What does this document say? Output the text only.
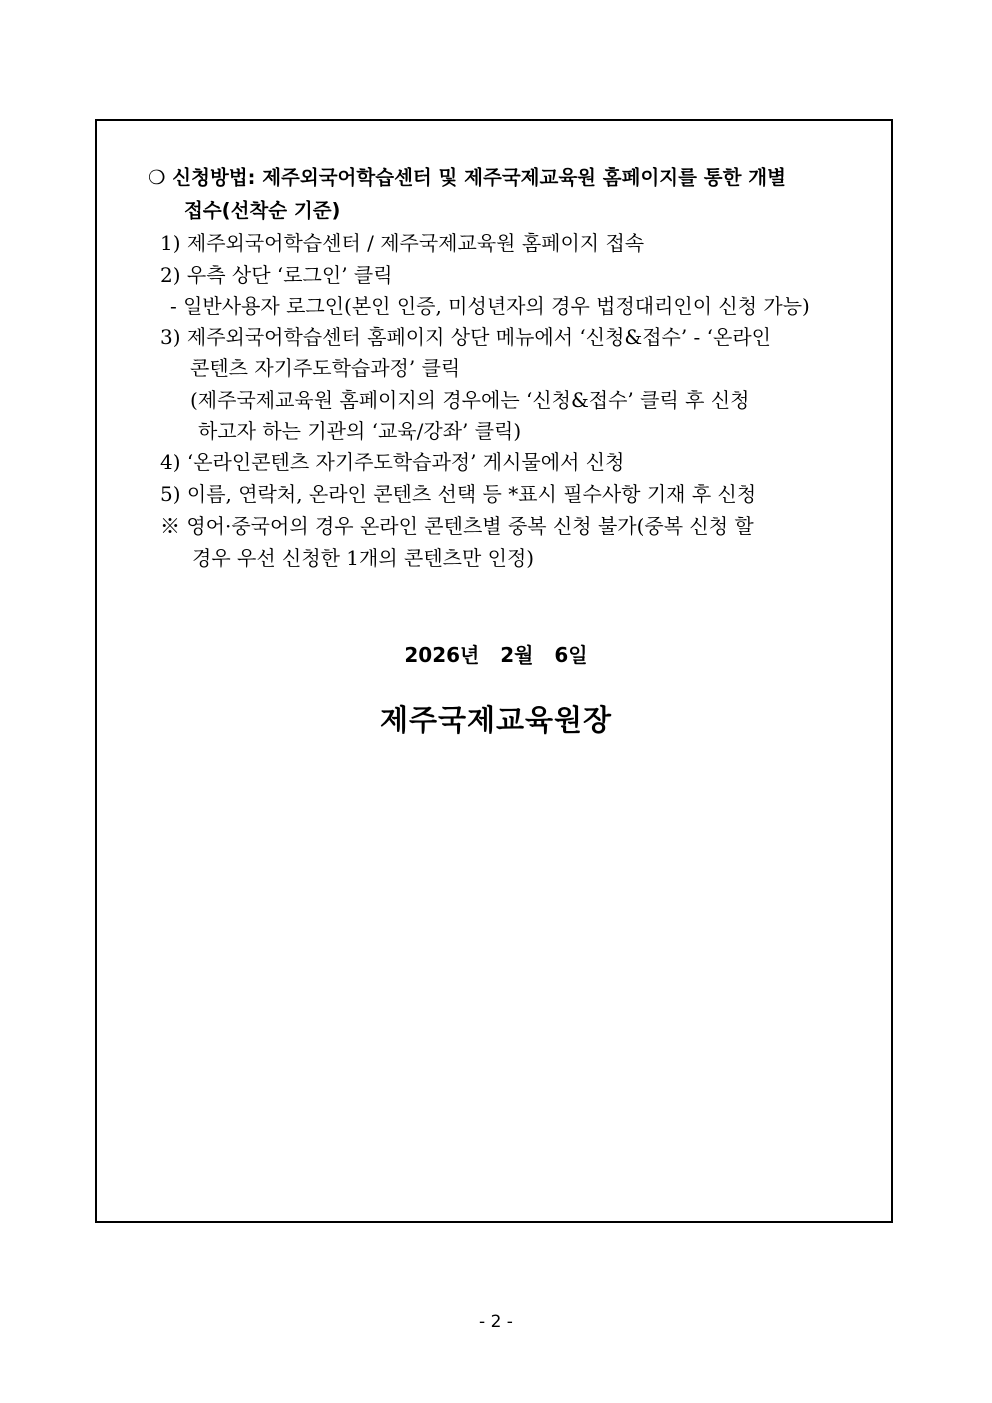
❍ 신청방법: 제주외국어학습센터 및 제주국제교육원 홈페이지를 통한 개별
접수(선착순 기준)
1) 제주외국어학습센터 / 제주국제교육원 홈페이지 접속
2) 우측 상단 ‘로그인’ 클릭
- 일반사용자 로그인(본인 인증, 미성년자의 경우 법정대리인이 신청 가능)
3) 제주외국어학습센터 홈페이지 상단 메뉴에서 ‘신청&접수’ - ‘온라인
콘텐츠 자기주도학습과정’ 클릭
(제주국제교육원 홈페이지의 경우에는 ‘신청&접수’ 클릭 후 신청
하고자 하는 기관의 ‘교육/강좌’ 클릭)
4) ‘온라인콘텐츠 자기주도학습과정’ 게시물에서 신청
5) 이름, 연락처, 온라인 콘텐츠 선택 등 *표시 필수사항 기재 후 신청
※ 영어·중국어의 경우 온라인 콘텐츠별 중복 신청 불가(중복 신청 할
경우 우선 신청한 1개의 콘텐츠만 인정)
2026년   2월   6일
제주국제교육원장
- 2 -
